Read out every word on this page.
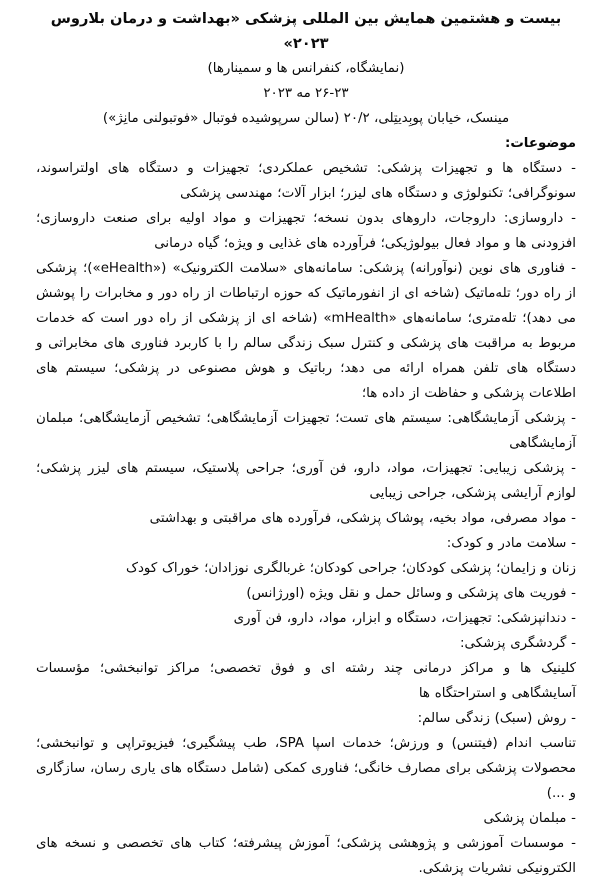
بیست و هشتمین همایش بین المللی پزشکی «بهداشت و درمان بلاروس ۲۰۲۳»
(نمایشگاه، کنفرانس ها و سمینارها)
۲۶-۲۳ مه ۲۰۲۳
مینسک، خیابان پوبِدیتِلی، ۲۰/۲ (سالن سرپوشیده فوتبال «فوتبولنی مانِژ»)
موضوعات:

- دستگاه ها و تجهیزات پزشکی: تشخیص عملکردی؛ تجهیزات و دستگاه های اولتراسوند، سونوگرافی؛ تکنولوژی و دستگاه های لیزر؛ ابزار آلات؛ مهندسی پزشکی

- داروسازی: داروجات، داروهای بدون نسخه؛ تجهیزات و مواد اولیه برای صنعت داروسازی؛ افزودنی ها و مواد فعال بیولوژیکی؛ فرآورده های غذایی و ویژه؛ گیاه درمانی

- فناوری های نوین (نوآورانه) پزشکی: سامانه‌های «سلامت الکترونیک» («eHealth»)؛ پزشکی از راه دور؛ تله‌ماتیک (شاخه ای از انفورماتیک که حوزه ارتباطات از راه دور و مخابرات را پوشش می دهد)؛ تله‌متری؛ سامانه‌های «mHealth» (شاخه ای از پزشکی از راه دور است که خدمات مربوط به مراقبت های پزشکی و کنترل سبک زندگی سالم را با کاربرد فناوری های مخابراتی و دستگاه های تلفن همراه ارائه می دهد؛ رباتیک و هوش مصنوعی در پزشکی؛ سیستم های اطلاعات پزشکی و حفاظت از داده ها؛

- پزشکی آزمایشگاهی: سیستم های تست؛ تجهیزات آزمایشگاهی؛ تشخیص آزمایشگاهی؛ مبلمان آزمایشگاهی

- پزشکی زیبایی: تجهیزات، مواد، دارو، فن آوری؛ جراحی پلاستیک، سیستم های لیزر پزشکی؛ لوازم آرایشی پزشکی، جراحی زیبایی

- مواد مصرفی، مواد بخیه، پوشاک پزشکی، فرآورده های مراقبتی و بهداشتی

- سلامت مادر و کودک:

زنان و زایمان؛ پزشکی کودکان؛ جراحی کودکان؛ غربالگری نوزادان؛ خوراک کودک

- فوریت های پزشکی و وسائل حمل و نقل ویژه (اورژانس)

- دندانپزشکی: تجهیزات، دستگاه و ابزار، مواد، دارو، فن آوری

- گردشگری پزشکی:

کلینیک ها و مراکز درمانی چند رشته ای و فوق تخصصی؛ مراکز توانبخشی؛ مؤسسات آسایشگاهی و استراحتگاه ها

- روش (سبک) زندگی سالم:

تناسب اندام (فیتنس) و ورزش؛ خدمات اسپا SPA، طب پیشگیری؛ فیزیوتراپی و توانبخشی؛ محصولات پزشکی برای مصارف خانگی؛ فناوری کمکی (شامل دستگاه های یاری رسان، سازگاری و ...)

- مبلمان پزشکی

- موسسات آموزشی و پژوهشی پزشکی؛ آموزش پیشرفته؛ کتاب های تخصصی و نسخه های الکترونیکی نشریات پزشکی.
